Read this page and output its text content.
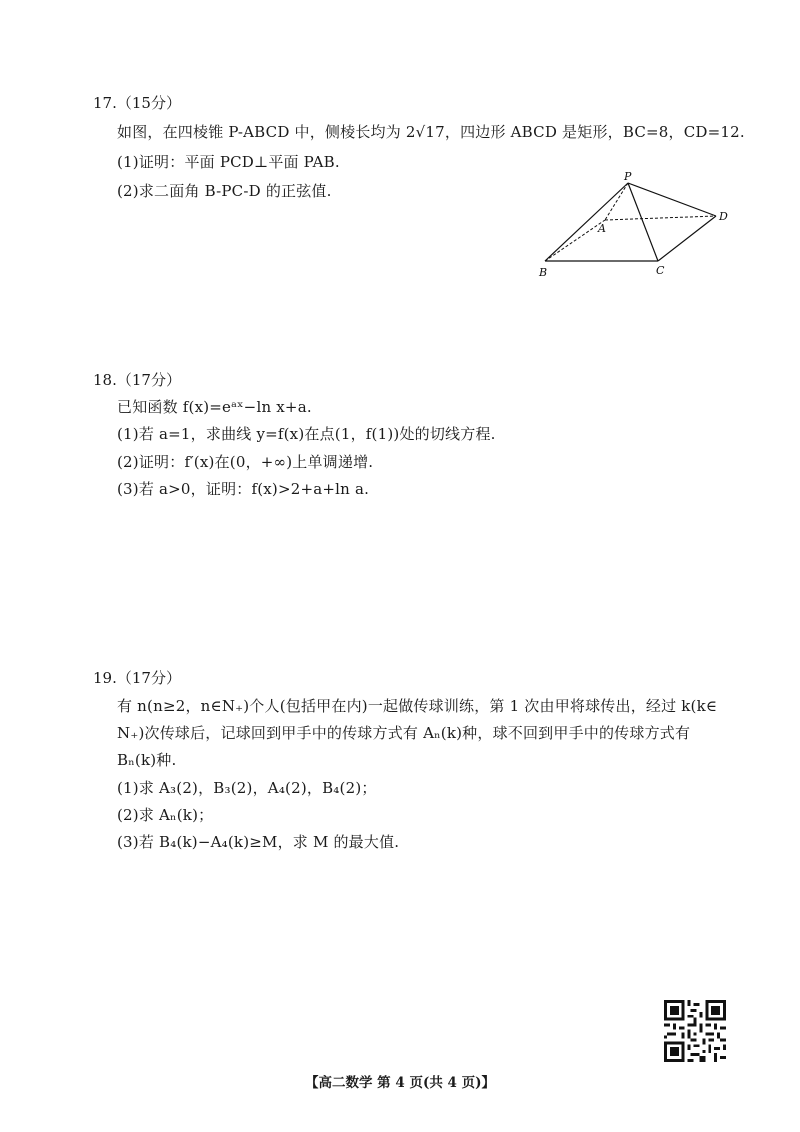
17.（15分）
如图，在四棱锥 P-ABCD 中，侧棱长均为 2√17，四边形 ABCD 是矩形，BC=8，CD=12.
(1)证明：平面 PCD⊥平面 PAB.
(2)求二面角 B-PC-D 的正弦值.
P
A
B	C
D
18.（17分）
已知函数 f(x)=eᵃˣ−ln x+a.
(1)若 a=1，求曲线 y=f(x)在点(1，f(1))处的切线方程.
(2)证明：f′(x)在(0，+∞)上单调递增.
(3)若 a>0，证明：f(x)>2+a+ln a.
19.（17分）
有 n(n≥2，n∈N₊)个人(包括甲在内)一起做传球训练，第 1 次由甲将球传出，经过 k(k∈
N₊)次传球后，记球回到甲手中的传球方式有 Aₙ(k)种，球不回到甲手中的传球方式有
Bₙ(k)种.
(1)求 A₃(2)，B₃(2)，A₄(2)，B₄(2)；
(2)求 Aₙ(k)；
(3)若 B₄(k)−A₄(k)≥M，求 M 的最大值.
【高二数学 第 4 页(共 4 页)】
